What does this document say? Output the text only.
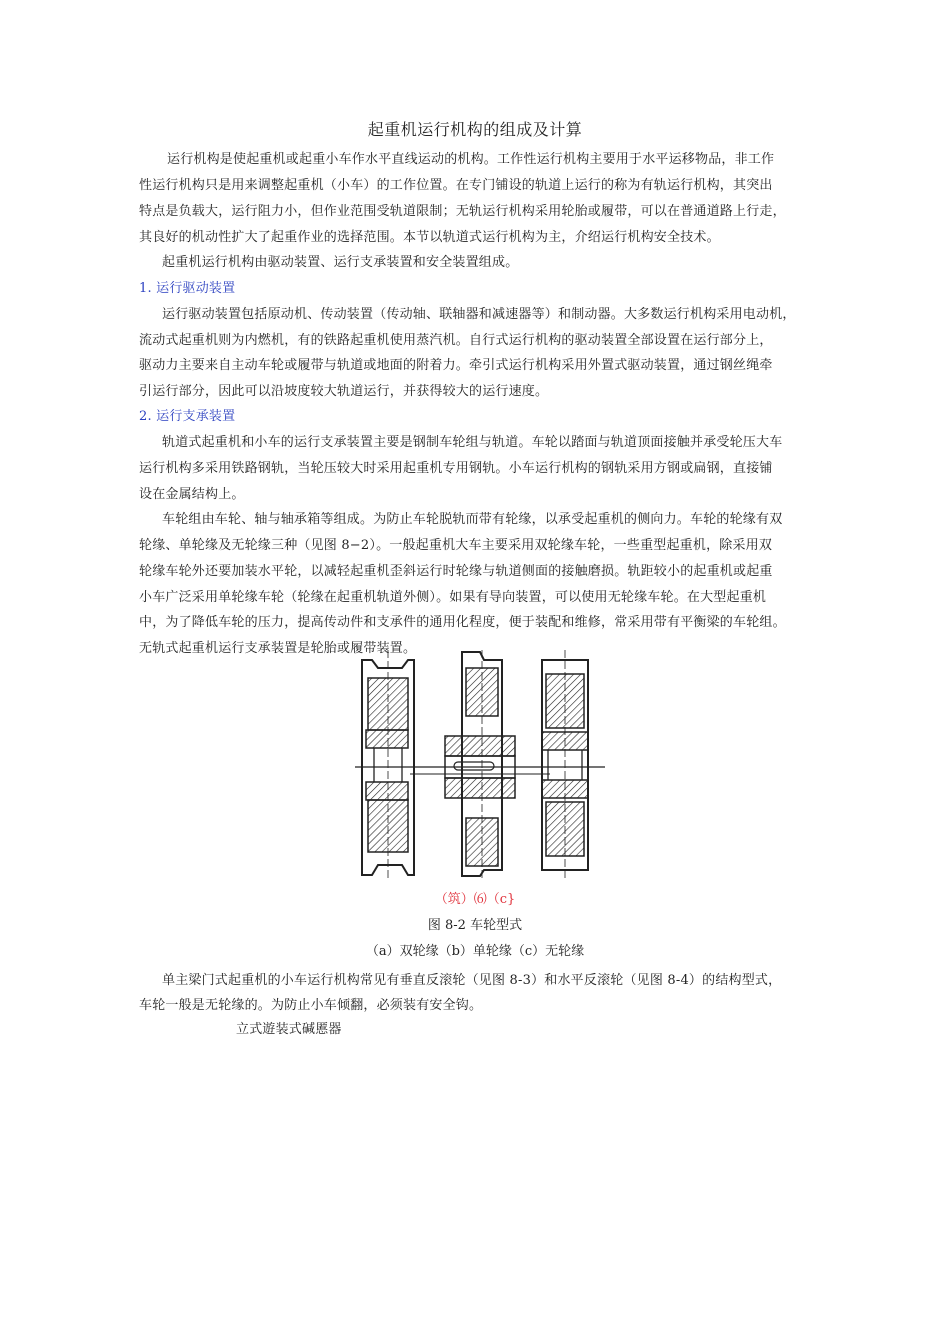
起重机运行机构的组成及计算
运行机构是使起重机或起重小车作水平直线运动的机构。工作性运行机构主要用于水平运移物品，非工作
性运行机构只是用来调整起重机（小车）的工作位置。在专门铺设的轨道上运行的称为有轨运行机构，其突出
特点是负载大，运行阻力小，但作业范围受轨道限制；无轨运行机构采用轮胎或履带，可以在普通道路上行走，
其良好的机动性扩大了起重作业的选择范围。本节以轨道式运行机构为主，介绍运行机构安全技术。
起重机运行机构由驱动装置、运行支承装置和安全装置组成。
1. 运行驱动装置
运行驱动装置包括原动机、传动装置（传动轴、联轴器和减速器等）和制动器。大多数运行机构采用电动机，
流动式起重机则为内燃机，有的铁路起重机使用蒸汽机。自行式运行机构的驱动装置全部设置在运行部分上，
驱动力主要来自主动车轮或履带与轨道或地面的附着力。牵引式运行机构采用外置式驱动装置，通过钢丝绳牵
引运行部分，因此可以沿坡度较大轨道运行，并获得较大的运行速度。
2. 运行支承装置
轨道式起重机和小车的运行支承装置主要是钢制车轮组与轨道。车轮以踏面与轨道顶面接触并承受轮压大车
运行机构多采用铁路钢轨，当轮压较大时采用起重机专用钢轨。小车运行机构的钢轨采用方钢或扁钢，直接铺
设在金属结构上。
车轮组由车轮、轴与轴承箱等组成。为防止车轮脱轨而带有轮缘，以承受起重机的侧向力。车轮的轮缘有双
轮缘、单轮缘及无轮缘三种（见图 8−2）。一般起重机大车主要采用双轮缘车轮，一些重型起重机，除采用双
轮缘车轮外还要加装水平轮，以减轻起重机歪斜运行时轮缘与轨道侧面的接触磨损。轨距较小的起重机或起重
小车广泛采用单轮缘车轮（轮缘在起重机轨道外侧）。如果有导向装置，可以使用无轮缘车轮。在大型起重机
中，为了降低车轮的压力，提高传动件和支承件的通用化程度，便于装配和维修，常采用带有平衡梁的车轮组。
无轨式起重机运行支承装置是轮胎或履带装置。
（筑）⑹（c}
图 8-2 车轮型式
（a）双轮缘（b）单轮缘（c）无轮缘
单主梁门式起重机的小车运行机构常见有垂直反滚轮（见图 8-3）和水平反滚轮（见图 8-4）的结构型式，
车轮一般是无轮缘的。为防止小车倾翻，必须装有安全钩。
立式遊装式碱慝器
